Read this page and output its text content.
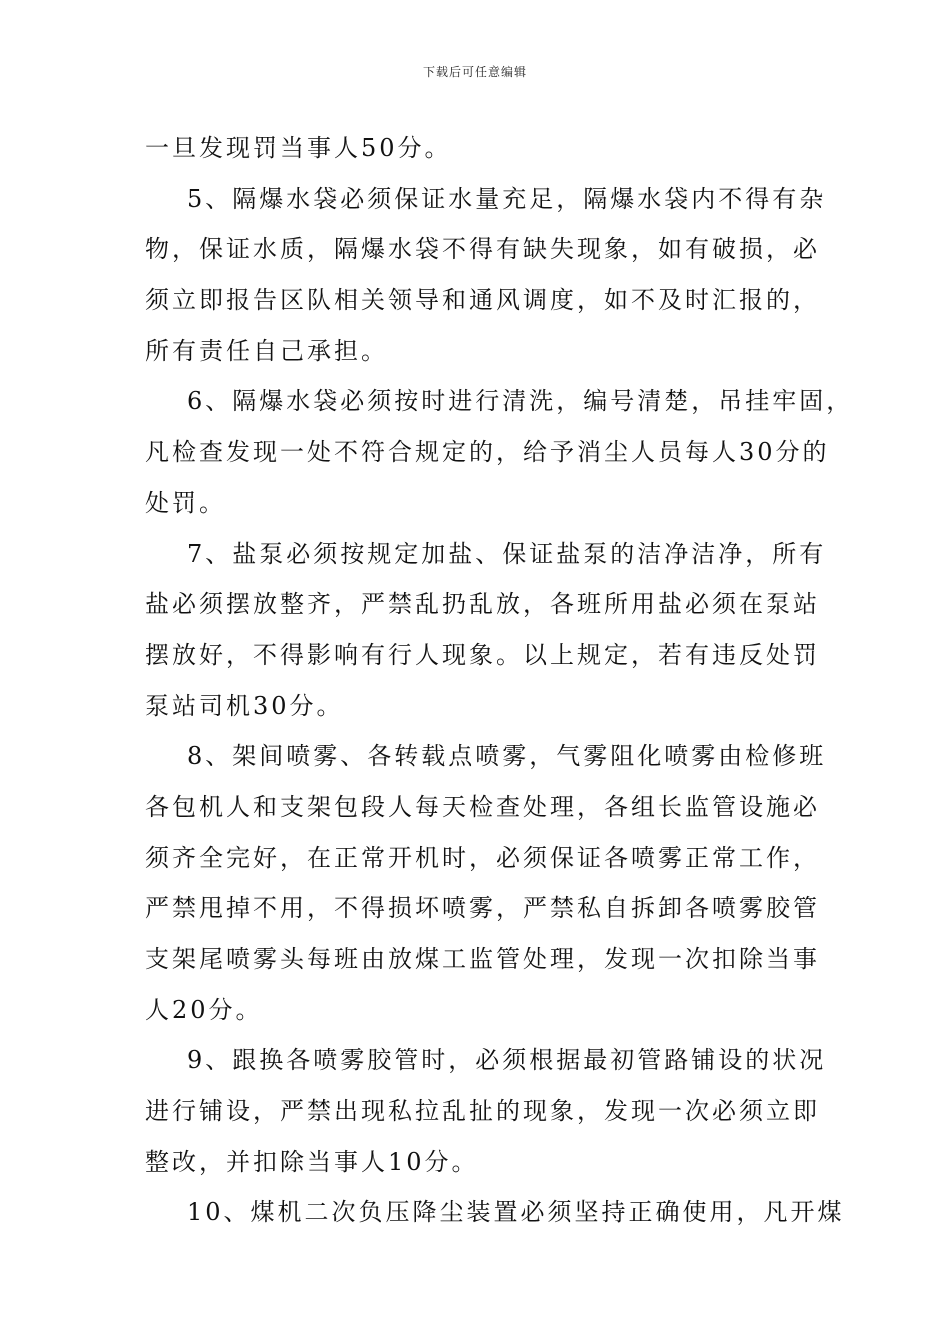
下载后可任意编辑
一旦发现罚当事人50分。
5、隔爆水袋必须保证水量充足，隔爆水袋内不得有杂
物，保证水质，隔爆水袋不得有缺失现象，如有破损，必
须立即报告区队相关领导和通风调度，如不及时汇报的，
所有责任自己承担。
6、隔爆水袋必须按时进行清洗，编号清楚，吊挂牢固，
凡检查发现一处不符合规定的，给予消尘人员每人30分的
处罚。
7、盐泵必须按规定加盐、保证盐泵的洁净洁净，所有
盐必须摆放整齐，严禁乱扔乱放，各班所用盐必须在泵站
摆放好，不得影响有行人现象。以上规定，若有违反处罚
泵站司机30分。
8、架间喷雾、各转载点喷雾，气雾阻化喷雾由检修班
各包机人和支架包段人每天检查处理，各组长监管设施必
须齐全完好，在正常开机时，必须保证各喷雾正常工作，
严禁甩掉不用，不得损坏喷雾，严禁私自拆卸各喷雾胶管
支架尾喷雾头每班由放煤工监管处理，发现一次扣除当事
人20分。
9、跟换各喷雾胶管时，必须根据最初管路铺设的状况
进行铺设，严禁出现私拉乱扯的现象，发现一次必须立即
整改，并扣除当事人10分。
10、煤机二次负压降尘装置必须坚持正确使用，凡开煤
